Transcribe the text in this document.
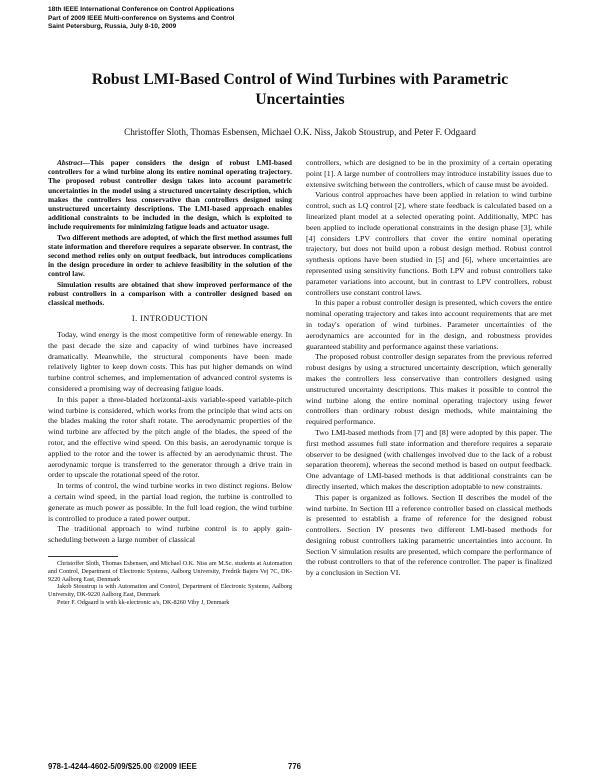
18th IEEE International Conference on Control Applications
Part of 2009 IEEE Multi-conference on Systems and Control
Saint Petersburg, Russia, July 8-10, 2009
Robust LMI-Based Control of Wind Turbines with Parametric
Uncertainties
Christoffer Sloth, Thomas Esbensen, Michael O.K. Niss, Jakob Stoustrup, and Peter F. Odgaard

Abstract—This paper considers the design of robust LMI-based controllers for a wind turbine along its entire nominal operating trajectory. The proposed robust controller design takes into account parametric uncertainties in the model using a structured uncertainty description, which makes the controllers less conservative than controllers designed using unstructured uncertainty descriptions. The LMI-based approach enables additional constraints to be included in the design, which is exploited to include requirements for minimizing fatigue loads and actuator usage.

Two different methods are adopted, of which the first method assumes full state information and therefore requires a separate observer. In contrast, the second method relies only on output feedback, but introduces complications in the design procedure in order to achieve feasibility in the solution of the control law.

Simulation results are obtained that show improved performance of the robust controllers in a comparison with a controller designed based on classical methods.

I. INTRODUCTION

Today, wind energy is the most competitive form of renewable energy. In the past decade the size and capacity of wind turbines have increased dramatically. Meanwhile, the structural components have been made relatively lighter to keep down costs. This has put higher demands on wind turbine control schemes, and implementation of advanced control systems is considered a promising way of decreasing fatigue loads.

In this paper a three-bladed horizontal-axis variable-speed variable-pitch wind turbine is considered, which works from the principle that wind acts on the blades making the rotor shaft rotate. The aerodynamic properties of the wind turbine are affected by the pitch angle of the blades, the speed of the rotor, and the effective wind speed. On this basis, an aerodynamic torque is applied to the rotor and the tower is affected by an aerodynamic thrust. The aerodynamic torque is transferred to the generator through a drive train in order to upscale the rotational speed of the rotor.

In terms of control, the wind turbine works in two distinct regions. Below a certain wind speed, in the partial load region, the turbine is controlled to generate as much power as possible. In the full load region, the wind turbine is controlled to produce a rated power output.

The traditional approach to wind turbine control is to apply gain-scheduling between a large number of classical

Christoffer Sloth, Thomas Esbensen, and Michael O.K. Niss are M.Sc. students at Automation and Control, Department of Electronic Systems, Aalborg University, Fredrik Bajers Vej 7C, DK-9220 Aalborg East, Denmark

Jakob Stoustrup is with Automation and Control, Department of Electronic Systems, Aalborg University, DK-9220 Aalborg East, Denmark

Peter F. Odgaard is with kk-electronic a/s, DK-8260 Viby J, Denmark

controllers, which are designed to be in the proximity of a certain operating point [1]. A large number of controllers may introduce instability issues due to extensive switching between the controllers, which of cause must be avoided.

Various control approaches have been applied in relation to wind turbine control, such as LQ control [2], where state feedback is calculated based on a linearized plant model at a selected operating point. Additionally, MPC has been applied to include operational constraints in the design phase [3], while [4] considers LPV controllers that cover the entire nominal operating trajectory, but does not build upon a robust design method. Robust control synthesis options have been studied in [5] and [6], where uncertainties are represented using sensitivity functions. Both LPV and robust controllers take parameter variations into account, but in contrast to LPV controllers, robust controllers use constant control laws.

In this paper a robust controller design is presented, which covers the entire nominal operating trajectory and takes into account requirements that are met in today's operation of wind turbines. Parameter uncertainties of the aerodynamics are accounted for in the design, and robustness provides guaranteed stability and performance against these variations.

The proposed robust controller design separates from the previous referred robust designs by using a structured uncertainty description, which generally makes the controllers less conservative than controllers designed using unstructured uncertainty descriptions. This makes it possible to control the wind turbine along the entire nominal operating trajectory using fewer controllers than ordinary robust design methods, while maintaining the required performance.

Two LMI-based methods from [7] and [8] were adopted by this paper. The first method assumes full state information and therefore requires a separate observer to be designed (with challenges involved due to the lack of a robust separation theorem), whereas the second method is based on output feedback. One advantage of LMI-based methods is that additional constraints can be directly inserted, which makes the description adoptable to new constraints.

This paper is organized as follows. Section II describes the model of the wind turbine. In Section III a reference controller based on classical methods is presented to establish a frame of reference for the designed robust controllers. Section IV presents two different LMI-based methods for designing robust controllers taking parametric uncertainties into account. In Section V simulation results are presented, which compare the performance of the robust controllers to that of the reference controller. The paper is finalized by a conclusion in Section VI.

978-1-4244-4602-5/09/$25.00 ©2009 IEEE	776
